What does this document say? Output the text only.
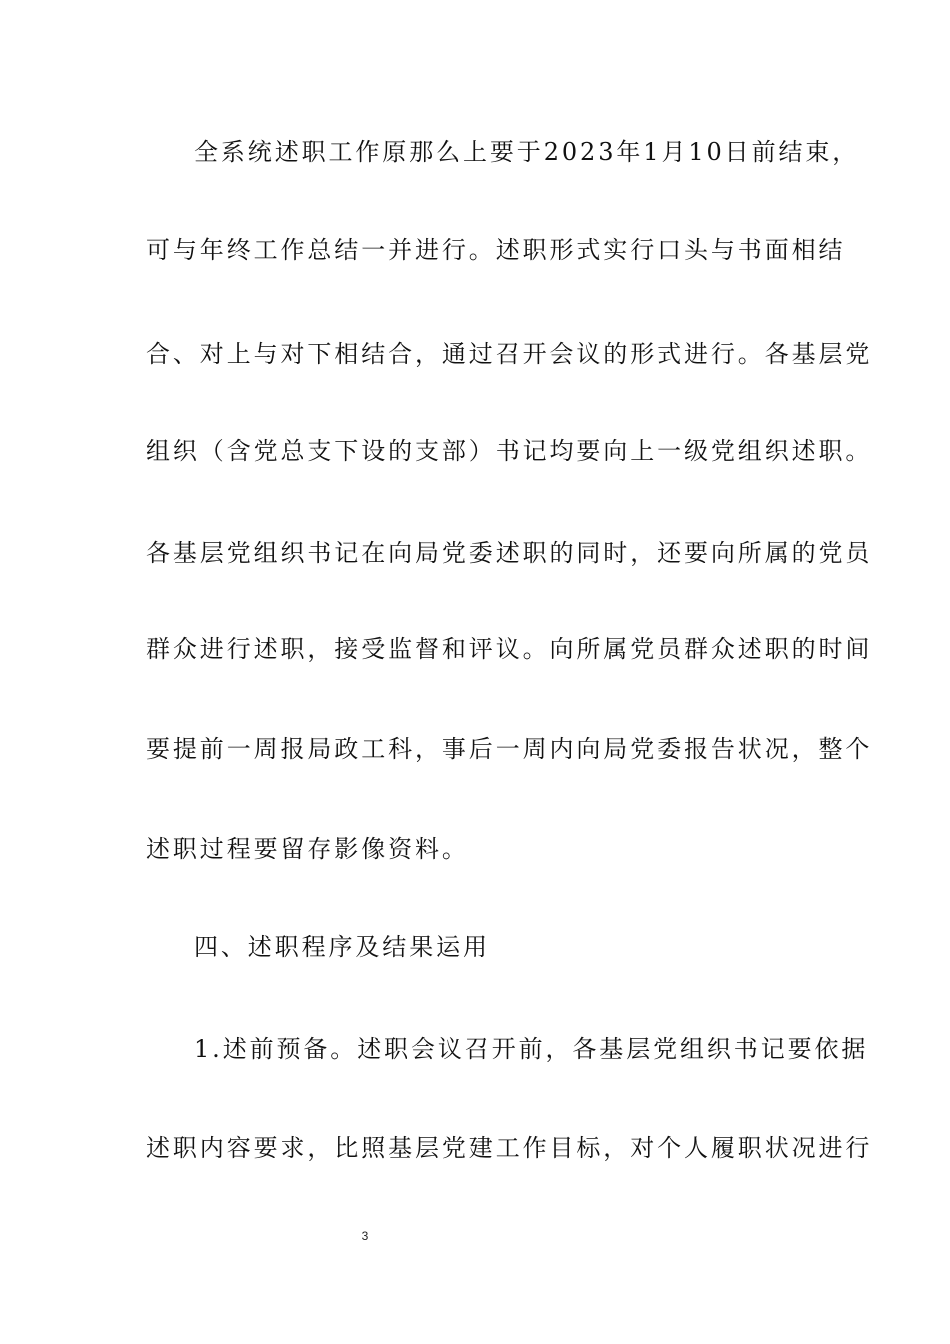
全系统述职工作原那么上要于2023年1月10日前结束，
可与年终工作总结一并进行。述职形式实行口头与书面相结
合、对上与对下相结合，通过召开会议的形式进行。各基层党
组织（含党总支下设的支部）书记均要向上一级党组织述职。
各基层党组织书记在向局党委述职的同时，还要向所属的党员
群众进行述职，接受监督和评议。向所属党员群众述职的时间
要提前一周报局政工科，事后一周内向局党委报告状况，整个
述职过程要留存影像资料。
四、述职程序及结果运用
1.述前预备。述职会议召开前，各基层党组织书记要依据
述职内容要求，比照基层党建工作目标，对个人履职状况进行
3
